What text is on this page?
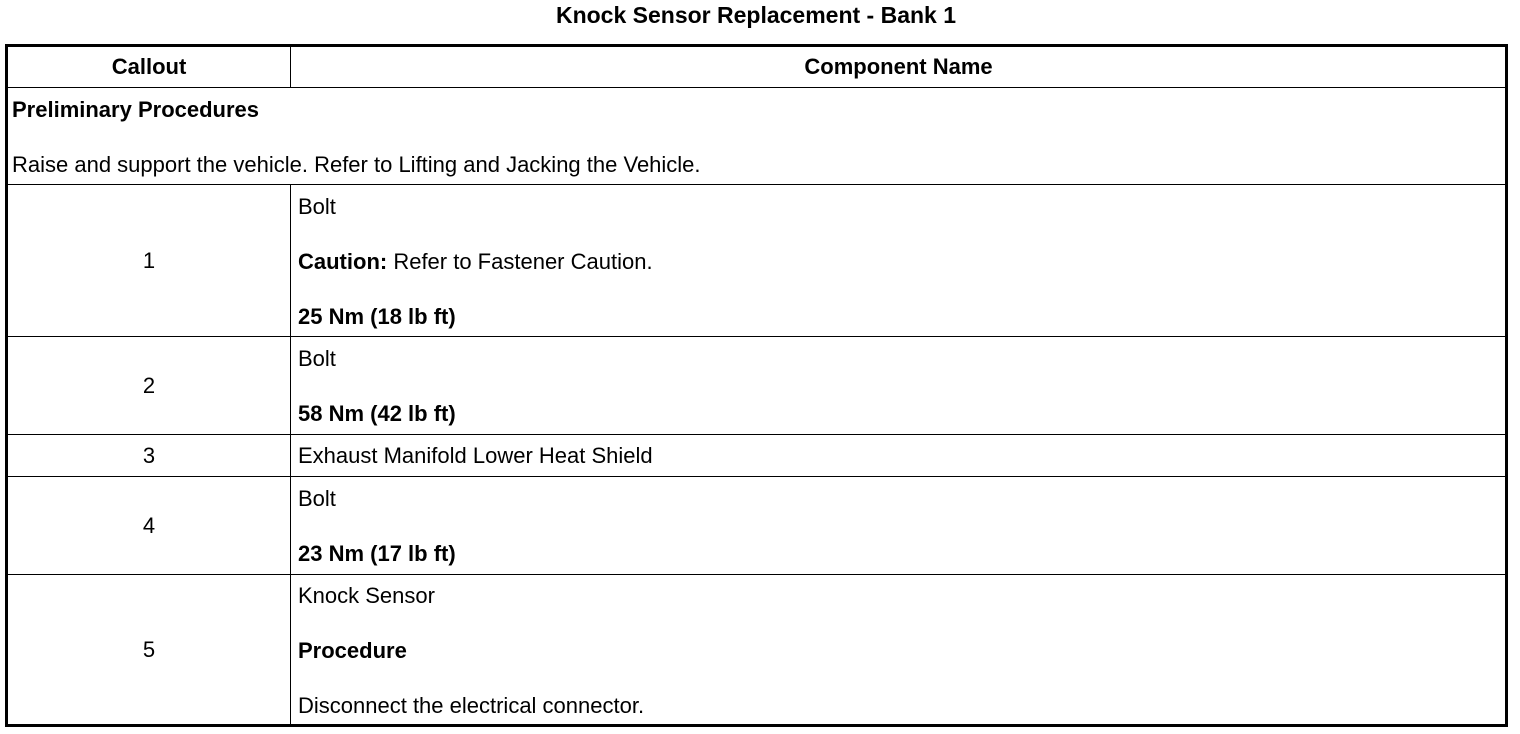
Knock Sensor Replacement - Bank 1
Callout	Component Name
Preliminary Procedures
Raise and support the vehicle. Refer to Lifting and Jacking the Vehicle.
1
Bolt
Caution: Refer to Fastener Caution.
25 Nm (18 lb ft)
2
Bolt
58 Nm (42 lb ft)
3	Exhaust Manifold Lower Heat Shield
4
Bolt
23 Nm (17 lb ft)
5
Knock Sensor
Procedure
Disconnect the electrical connector.
